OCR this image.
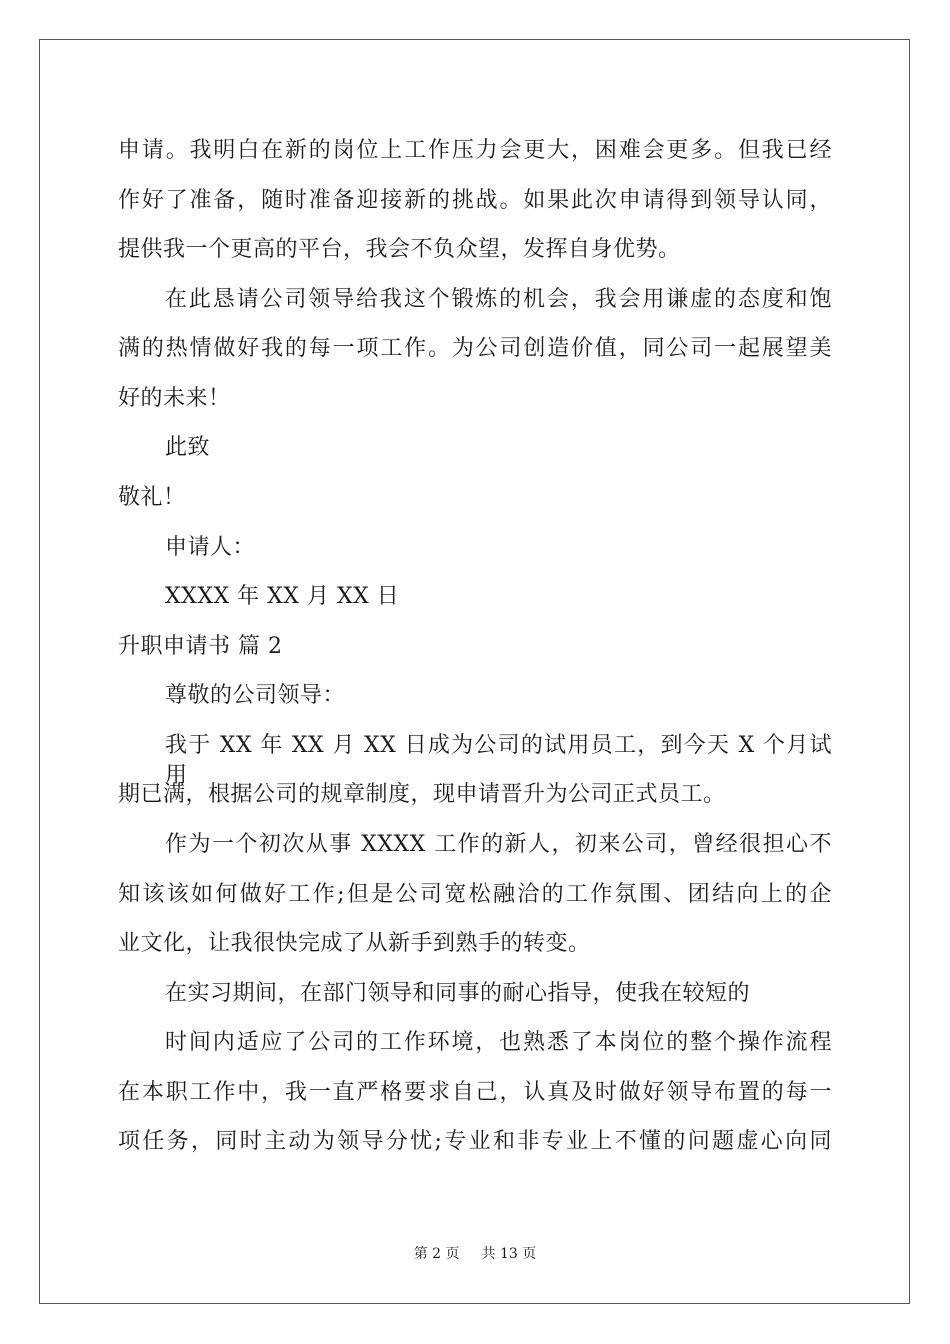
申请。我明白在新的岗位上工作压力会更大，困难会更多。但我已经
作好了准备，随时准备迎接新的挑战。如果此次申请得到领导认同，
提供我一个更高的平台，我会不负众望，发挥自身优势。
在此恳请公司领导给我这个锻炼的机会，我会用谦虚的态度和饱
满的热情做好我的每一项工作。为公司创造价值，同公司一起展望美
好的未来！
此致
敬礼！
申请人：
XXXX 年 XX 月 XX 日
升职申请书 篇 2
尊敬的公司领导：
我于 XX 年 XX 月 XX 日成为公司的试用员工，到今天 X 个月试用
期已满，根据公司的规章制度，现申请晋升为公司正式员工。
作为一个初次从事 XXXX 工作的新人，初来公司，曾经很担心不
知该该如何做好工作;但是公司宽松融洽的工作氛围、团结向上的企
业文化，让我很快完成了从新手到熟手的转变。
在实习期间，在部门领导和同事的耐心指导，使我在较短的
时间内适应了公司的工作环境，也熟悉了本岗位的整个操作流程
在本职工作中，我一直严格要求自己，认真及时做好领导布置的每一
项任务，同时主动为领导分忧;专业和非专业上不懂的问题虚心向同
第 2 页 共 13 页
